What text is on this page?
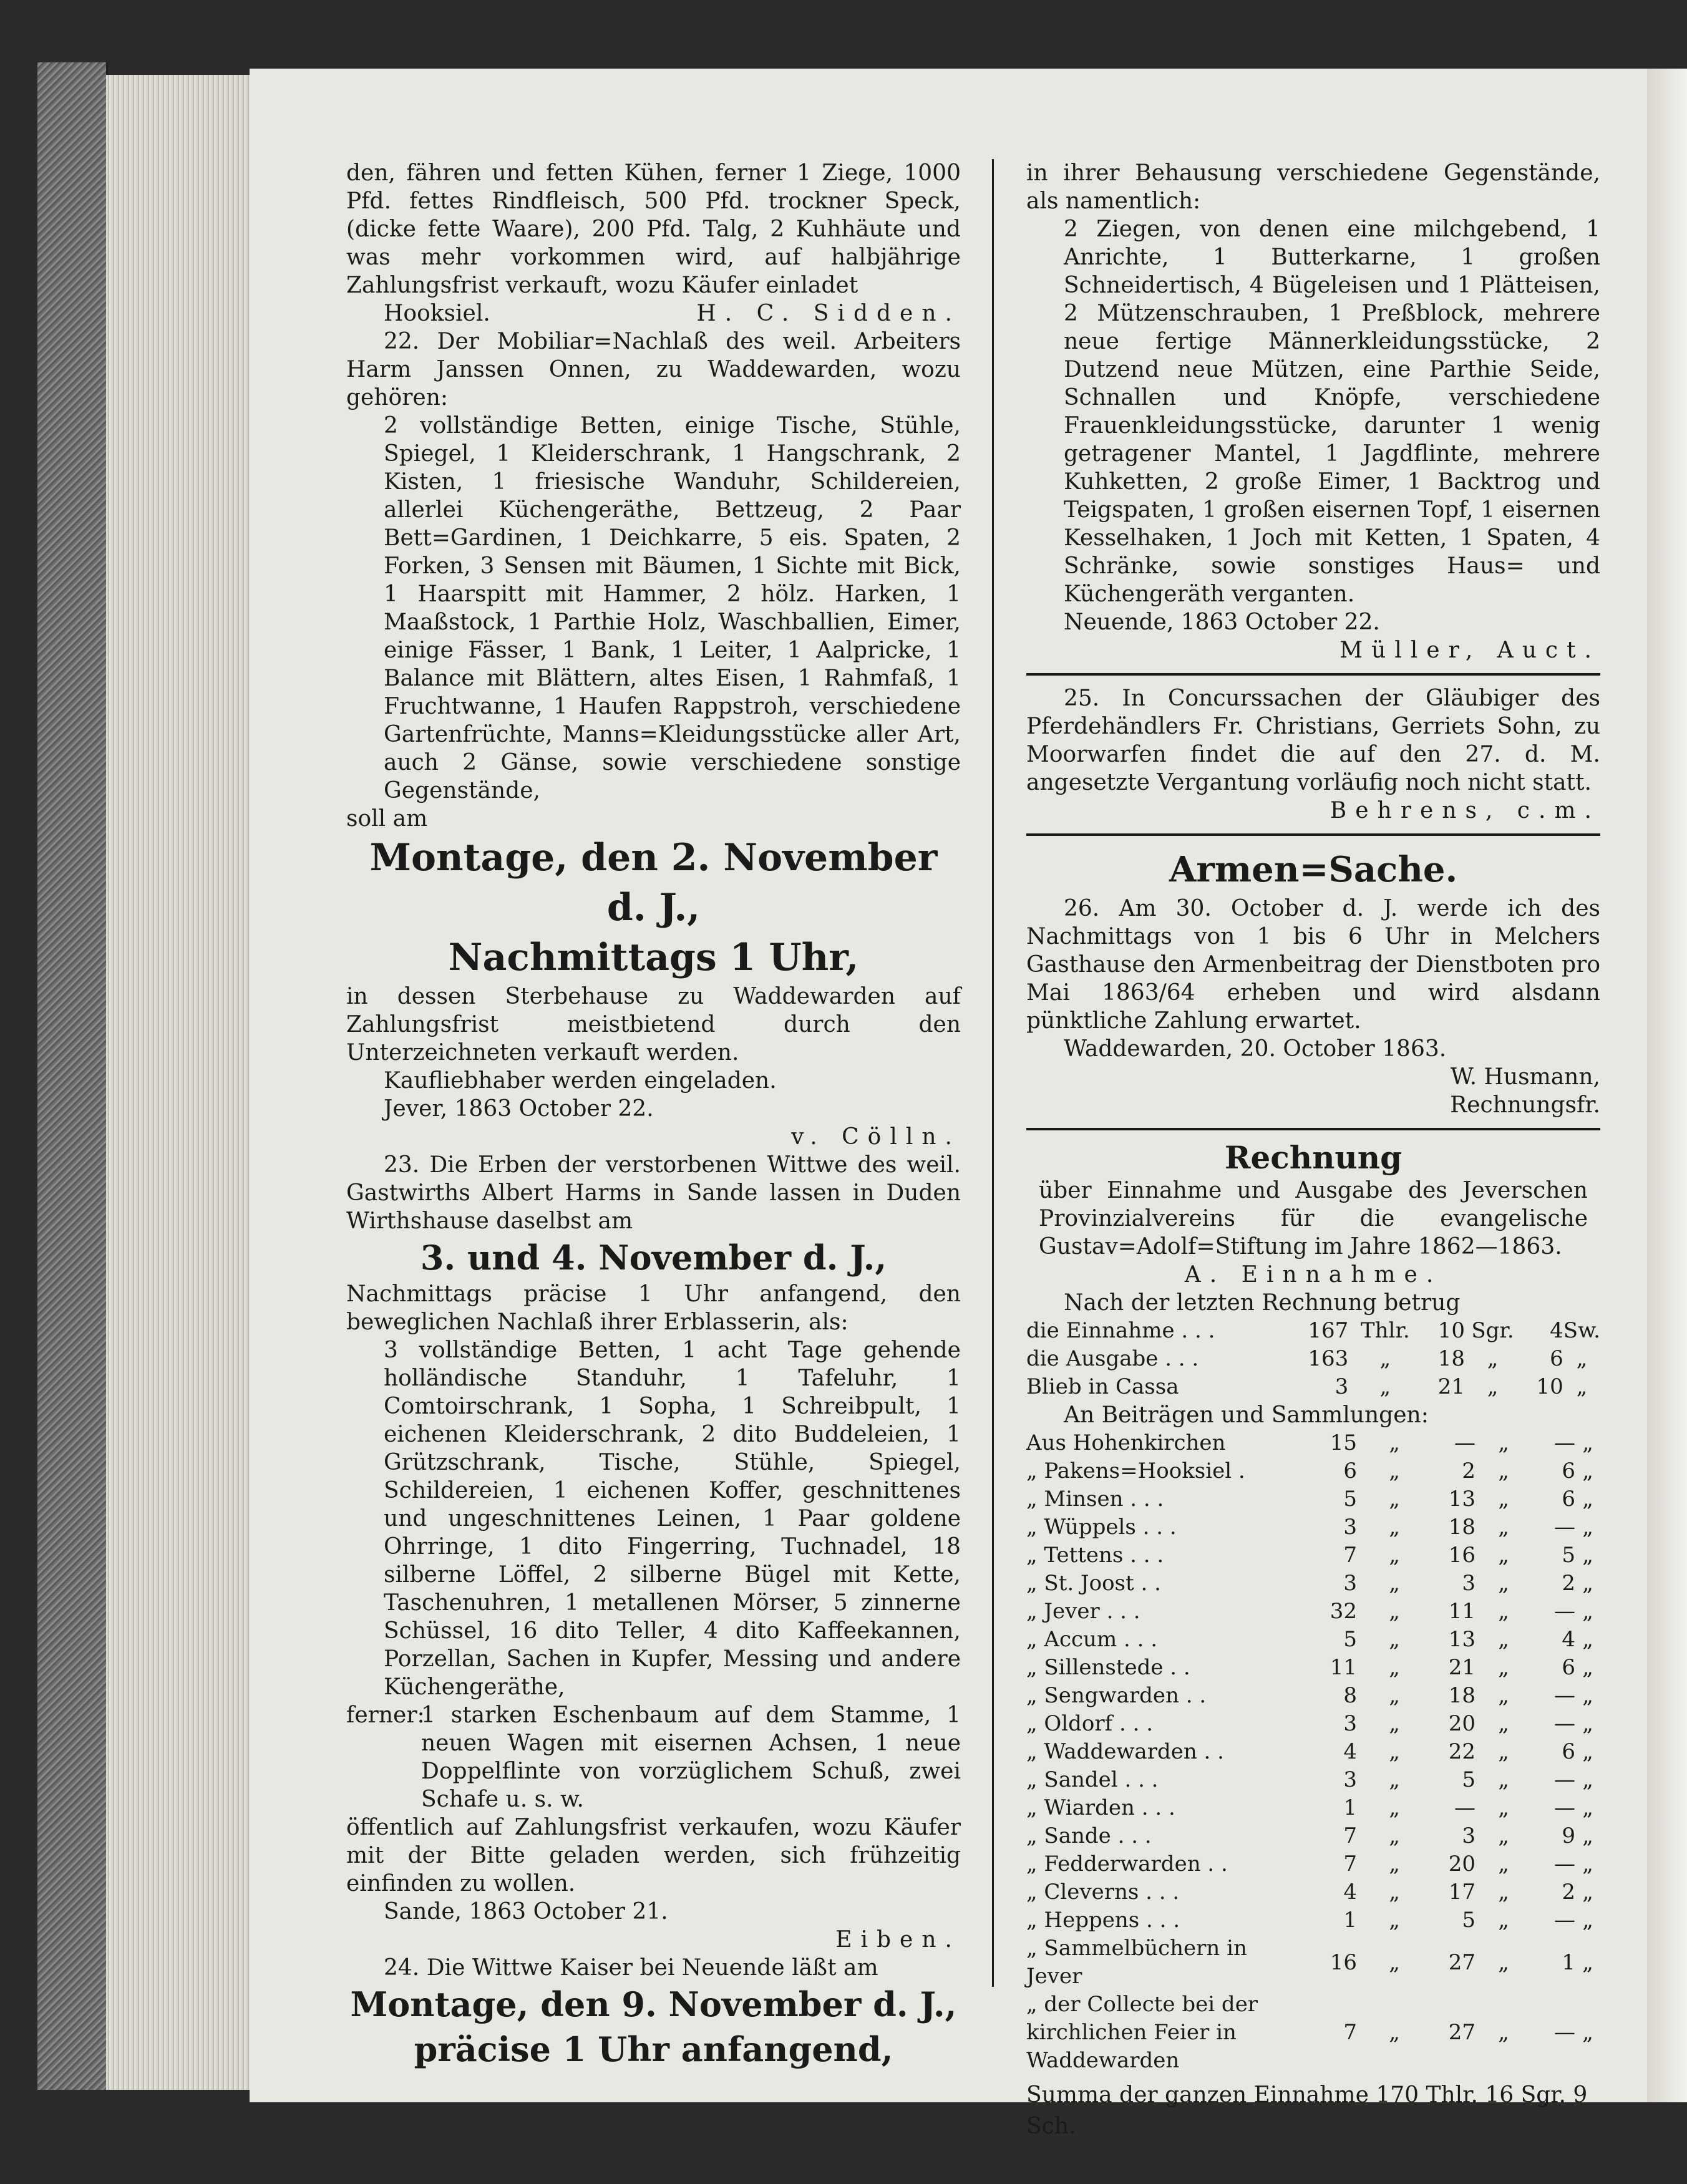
den, fähren und fetten Kühen, ferner 1 Ziege, 1000 Pfd. fettes Rindfleisch, 500 Pfd. trockner Speck, (dicke fette Waare), 200 Pfd. Talg, 2 Kuhhäute und was mehr vorkommen wird, auf halbjährige Zahlungsfrist verkauft, wozu Käufer einladet

Hooksiel.	H. C. Sidden.

22. Der Mobiliar=Nachlaß des weil. Arbeiters Harm Janssen Onnen, zu Waddewarden, wozu gehören:

2 vollständige Betten, einige Tische, Stühle, Spiegel, 1 Kleiderschrank, 1 Hangschrank, 2 Kisten, 1 friesische Wanduhr, Schildereien, allerlei Küchengeräthe, Bettzeug, 2 Paar Bett=Gardinen, 1 Deichkarre, 5 eis. Spaten, 2 Forken, 3 Sensen mit Bäumen, 1 Sichte mit Bick, 1 Haarspitt mit Hammer, 2 hölz. Harken, 1 Maaßstock, 1 Parthie Holz, Waschballien, Eimer, einige Fässer, 1 Bank, 1 Leiter, 1 Aalpricke, 1 Balance mit Blättern, altes Eisen, 1 Rahmfaß, 1 Fruchtwanne, 1 Haufen Rappstroh, verschiedene Gartenfrüchte, Manns=Kleidungsstücke aller Art, auch 2 Gänse, sowie verschiedene sonstige Gegenstände,

soll am

Montage, den 2. November d. J.,

Nachmittags 1 Uhr,

in dessen Sterbehause zu Waddewarden auf Zahlungsfrist meistbietend durch den Unterzeichneten verkauft werden.

Kaufliebhaber werden eingeladen.

Jever, 1863 October 22.

v. Cölln.

23. Die Erben der verstorbenen Wittwe des weil. Gastwirths Albert Harms in Sande lassen in Duden Wirthshause daselbst am

3. und 4. November d. J.,

Nachmittags präcise 1 Uhr anfangend, den beweglichen Nachlaß ihrer Erblasserin, als:

3 vollständige Betten, 1 acht Tage gehende holländische Standuhr, 1 Tafeluhr, 1 Comtoirschrank, 1 Sopha, 1 Schreibpult, 1 eichenen Kleiderschrank, 2 dito Buddeleien, 1 Grützschrank, Tische, Stühle, Spiegel, Schildereien, 1 eichenen Koffer, geschnittenes und ungeschnittenes Leinen, 1 Paar goldene Ohrringe, 1 dito Fingerring, Tuchnadel, 18 silberne Löffel, 2 silberne Bügel mit Kette, Taschenuhren, 1 metallenen Mörser, 5 zinnerne Schüssel, 16 dito Teller, 4 dito Kaffeekannen, Porzellan, Sachen in Kupfer, Messing und andere Küchengeräthe,

ferner:
1 starken Eschenbaum auf dem Stamme, 1 neuen Wagen mit eisernen Achsen, 1 neue Doppelflinte von vorzüglichem Schuß, zwei Schafe u. s. w.

öffentlich auf Zahlungsfrist verkaufen, wozu Käufer mit der Bitte geladen werden, sich frühzeitig einfinden zu wollen.

Sande, 1863 October 21.

Eiben.

24. Die Wittwe Kaiser bei Neuende läßt am

Montage, den 9. November d. J.,

präcise 1 Uhr anfangend,

in ihrer Behausung verschiedene Gegenstände, als namentlich:

2 Ziegen, von denen eine milchgebend, 1 Anrichte, 1 Butterkarne, 1 großen Schneidertisch, 4 Bügeleisen und 1 Plätteisen, 2 Mützenschrauben, 1 Preßblock, mehrere neue fertige Männerkleidungsstücke, 2 Dutzend neue Mützen, eine Parthie Seide, Schnallen und Knöpfe, verschiedene Frauenkleidungsstücke, darunter 1 wenig getragener Mantel, 1 Jagdflinte, mehrere Kuhketten, 2 große Eimer, 1 Backtrog und Teigspaten, 1 großen eisernen Topf, 1 eisernen Kesselhaken, 1 Joch mit Ketten, 1 Spaten, 4 Schränke, sowie sonstiges Haus= und Küchengeräth verganten.

Neuende, 1863 October 22.

Müller, Auct.

25. In Concurssachen der Gläubiger des Pferdehändlers Fr. Christians, Gerriets Sohn, zu Moorwarfen findet die auf den 27. d. M. angesetzte Vergantung vorläufig noch nicht statt.

Behrens, c.m.

Armen=Sache.

26. Am 30. October d. J. werde ich des Nachmittags von 1 bis 6 Uhr in Melchers Gasthause den Armenbeitrag der Dienstboten pro Mai 1863/64 erheben und wird alsdann pünktliche Zahlung erwartet.

Waddewarden, 20. October 1863.

W. Husmann,

Rechnungsfr.

Rechnung

über Einnahme und Ausgabe des Jeverschen Provinzialvereins für die evangelische Gustav=Adolf=Stiftung im Jahre 1862—1863.

A. Einnahme.

Nach der letzten Rechnung betrug

die Einnahme . . .	167	Thlr.	10	Sgr.	4	Sw.
die Ausgabe . . .	163	„	18	„	6	„
Blieb in Cassa	3	„	21	„	10	„

An Beiträgen und Sammlungen:

Aus Hohenkirchen	15	„	—	„	—	„
„ Pakens=Hooksiel .	6	„	2	„	6	„
„ Minsen . . .	5	„	13	„	6	„
„ Wüppels . . .	3	„	18	„	—	„
„ Tettens . . .	7	„	16	„	5	„
„ St. Joost . .	3	„	3	„	2	„
„ Jever . . .	32	„	11	„	—	„
„ Accum . . .	5	„	13	„	4	„
„ Sillenstede . .	11	„	21	„	6	„
„ Sengwarden . .	8	„	18	„	—	„
„ Oldorf . . .	3	„	20	„	—	„
„ Waddewarden . .	4	„	22	„	6	„
„ Sandel . . .	3	„	5	„	—	„
„ Wiarden . . .	1	„	—	„	—	„
„ Sande . . .	7	„	3	„	9	„
„ Fedderwarden . .	7	„	20	„	—	„
„ Cleverns . . .	4	„	17	„	2	„
„ Heppens . . .	1	„	5	„	—	„
„ Sammelbüchern in Jever	16	„	27	„	1	„
„ der Collecte bei der kirchlichen Feier in Waddewarden	7	„	27	„	—	„

Summa der ganzen Einnahme 170 Thlr. 16 Sgr. 9 Sch.
